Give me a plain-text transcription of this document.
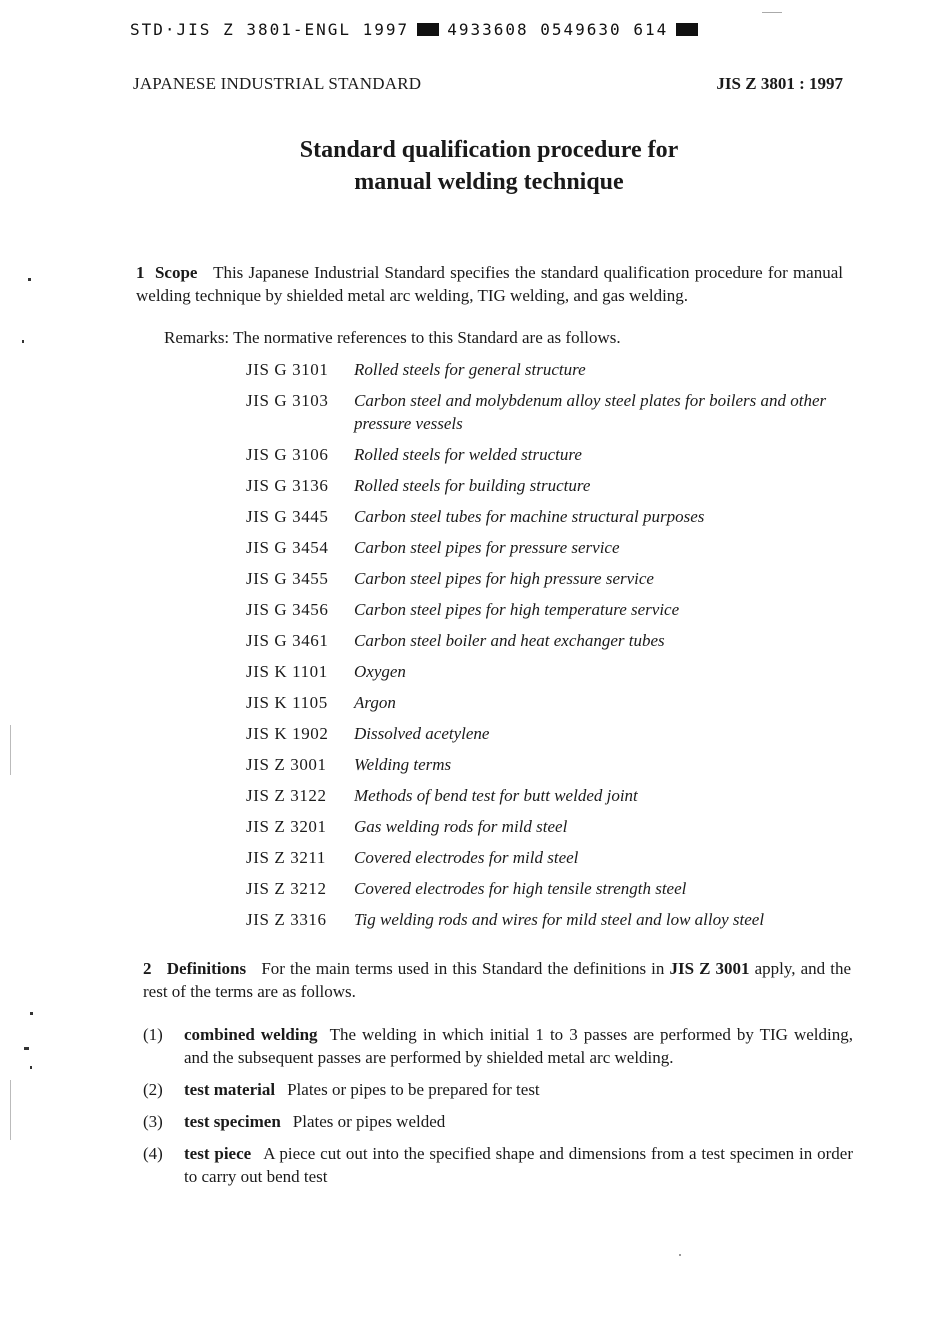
STD·JIS Z 3801-ENGL 1997 4933608 0549630 614
JAPANESE INDUSTRIAL STANDARD	JIS Z 3801 : 1997
Standard qualification procedure for
manual welding technique
1 Scope This Japanese Industrial Standard specifies the standard qualification procedure for manual welding technique by shielded metal arc welding, TIG welding, and gas welding.
Remarks: The normative references to this Standard are as follows.
JIS G 3101	Rolled steels for general structure
JIS G 3103	Carbon steel and molybdenum alloy steel plates for boilers and other pressure vessels
JIS G 3106	Rolled steels for welded structure
JIS G 3136	Rolled steels for building structure
JIS G 3445	Carbon steel tubes for machine structural purposes
JIS G 3454	Carbon steel pipes for pressure service
JIS G 3455	Carbon steel pipes for high pressure service
JIS G 3456	Carbon steel pipes for high temperature service
JIS G 3461	Carbon steel boiler and heat exchanger tubes
JIS K 1101	Oxygen
JIS K 1105	Argon
JIS K 1902	Dissolved acetylene
JIS Z 3001	Welding terms
JIS Z 3122	Methods of bend test for butt welded joint
JIS Z 3201	Gas welding rods for mild steel
JIS Z 3211	Covered electrodes for mild steel
JIS Z 3212	Covered electrodes for high tensile strength steel
JIS Z 3316	Tig welding rods and wires for mild steel and low alloy steel
2 Definitions For the main terms used in this Standard the definitions in JIS Z 3001 apply, and the rest of the terms are as follows.
(1)	combined welding The welding in which initial 1 to 3 passes are performed by TIG welding, and the subsequent passes are performed by shielded metal arc welding.
(2)	test material Plates or pipes to be prepared for test
(3)	test specimen Plates or pipes welded
(4)	test piece A piece cut out into the specified shape and dimensions from a test specimen in order to carry out bend test
